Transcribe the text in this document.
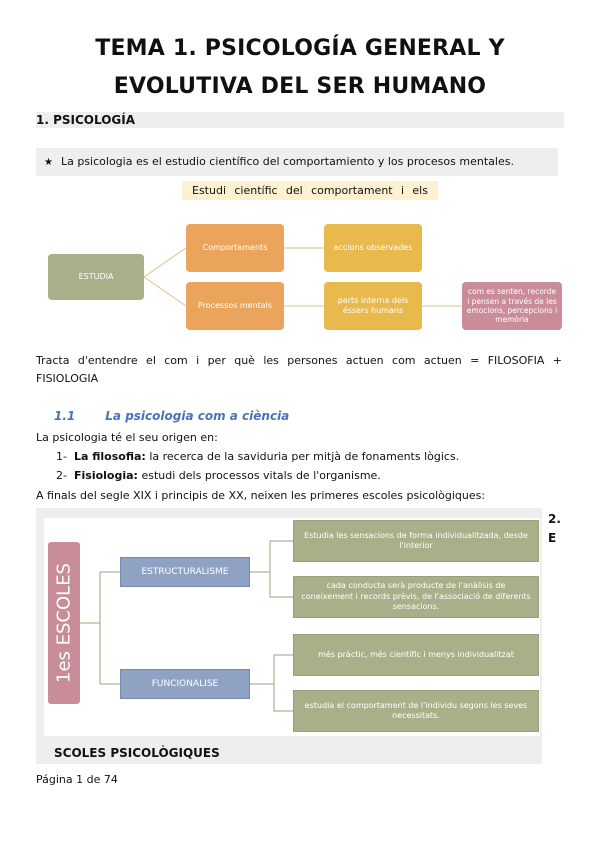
TEMA 1. PSICOLOGÍA GENERAL Y
EVOLUTIVA DEL SER HUMANO
1. PSICOLOGÍA
★ La psicologia es el estudio científico del comportamiento y los procesos mentales.
Estudi científic del comportament i els
ESTUDIA
Comportaments
Processos mentals
accions observades
parts interna dels éssers humans
com es senten, recorde i pensen a través de les emocions, percepcions i memòria
Tracta d'entendre el com i per què les persones actuen com actuen = FILOSOFIA +
FISIOLOGIA
1.1	La psicologia com a ciència
La psicologia té el seu origen en:
1- La filosofia: la recerca de la saviduria per mitjà de fonaments lògics.
2- Fisiologia: estudi dels processos vitals de l'organisme.
A finals del segle XIX i principis de XX, neixen les primeres escoles psicològiques:
1es ESCOLES	ESTRUCTURALISME
FUNCIONALISE
Estudia les sensacions de forma individualitzada, desde l'interior
cada conducta serà producte de l'anàlisis de coneixement i records prèvis, de l'associació de diferents sensacions.
més pràctic, més científic i menys individualitzat
estudia el comportament de l'individu segons les seves necessitats.
2.
E
SCOLES PSICOLÒGIQUES
Página 1 de 74
